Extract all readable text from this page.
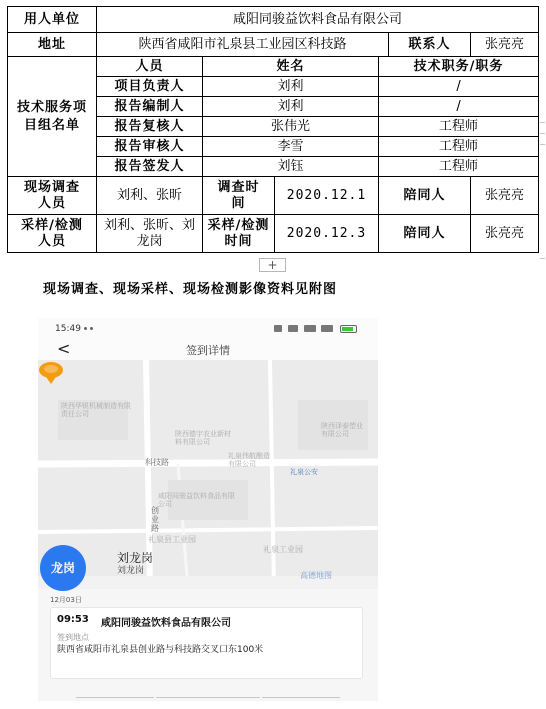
用人单位	咸阳同骏益饮料食品有限公司					
地址	陕西省咸阳市礼泉县工业园区科技路				联系人	张亮亮
技术服务项目组名单	人员	姓名		技术职务/职务		
	项目负责人	刘利		/		
	报告编制人	刘利		/		
	报告复核人	张伟光		工程师		
	报告审核人	李雪		工程师		
	报告签发人	刘钰		工程师		
现场调查人员	刘利、张昕	调查时间	2020.12.1	陪同人		张亮亮
采样/检测人员	刘利、张昕、刘龙岗	采样/检测时间	2020.12.3	陪同人		张亮亮
+
现场调查、现场采样、现场检测影像资料见附图
15:49
<	签到详情
陕西华锐机械制造有限责任公司
陕西德宇农业新材料有限公司
陕西泽泰塑业有限公司
礼泉伟航酿造有限公司
咸阳同骏益饮料食品有限公司
礼泉公安
科技路
创业路
礼泉县工业园
礼泉工业园
龙岗
刘龙岗
刘龙岗	高德地图
12月03日
09:53 咸阳同骏益饮料食品有限公司
签到地点
陕西省咸阳市礼泉县创业路与科技路交叉口东100米
